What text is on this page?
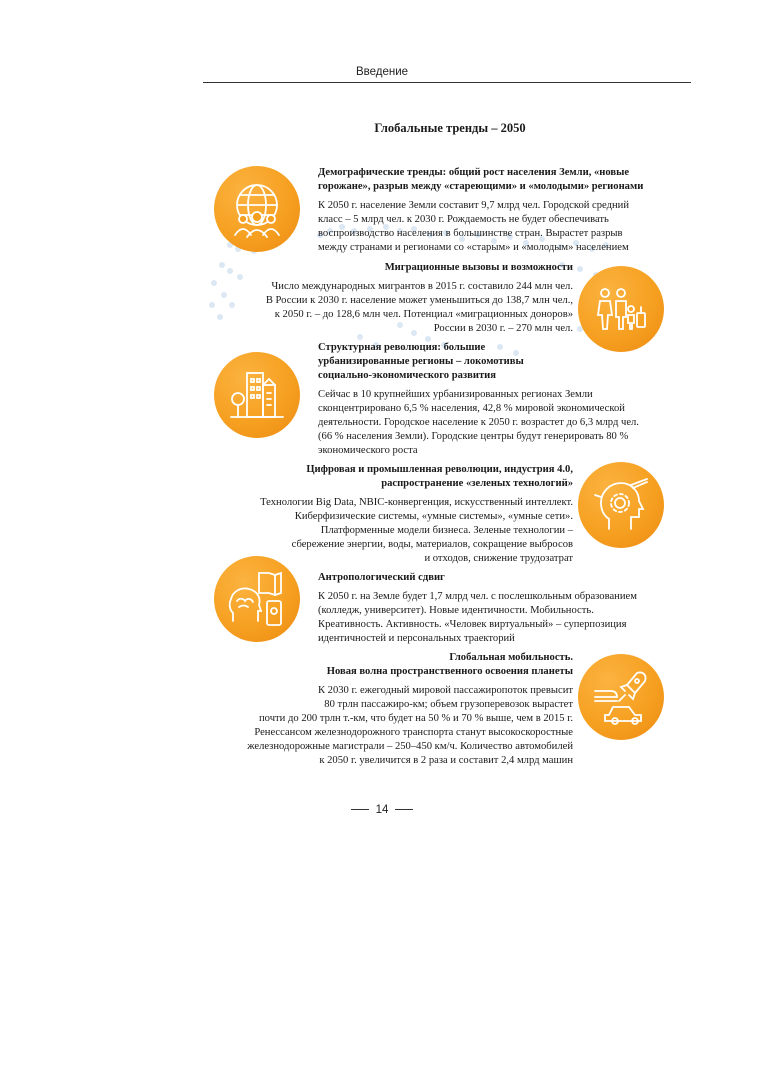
Введение
Глобальные тренды – 2050
Демографические тренды: общий рост населения Земли, «новые
горожане», разрыв между «стареющими» и «молодыми» регионами
К 2050 г. население Земли составит 9,7 млрд чел. Городской средний
класс – 5 млрд чел. к 2030 г. Рождаемость не будет обеспечивать
воспроизводство населения в большинстве стран. Вырастет разрыв
между странами и регионами со «старым» и «молодым» населением
Миграционные вызовы и возможности
Число международных мигрантов в 2015 г. составило 244 млн чел.
В России к 2030 г. население может уменьшиться до 138,7 млн чел.,
к 2050 г. – до 128,6 млн чел. Потенциал «миграционных доноров»
России в 2030 г. – 270 млн чел.
Структурная революция: большие
урбанизированные регионы – локомотивы
социально-экономического развития
Сейчас в 10 крупнейших урбанизированных регионах Земли
сконцентрировано 6,5 % населения, 42,8 % мировой экономической
деятельности. Городское население к 2050 г. возрастет до 6,3 млрд чел.
(66 % населения Земли). Городские центры будут генерировать 80 %
экономического роста
Цифровая и промышленная революции, индустрия 4.0,
распространение «зеленых технологий»
Технологии Big Data, NBIC-конвергенция, искусственный интеллект.
Киберфизические системы, «умные системы», «умные сети».
Платформенные модели бизнеса. Зеленые технологии –
сбережение энергии, воды, материалов, сокращение выбросов
и отходов, снижение трудозатрат
Антропологический сдвиг
К 2050 г. на Земле будет 1,7 млрд чел. с послешкольным образованием
(колледж, университет). Новые идентичности. Мобильность.
Креативность. Активность. «Человек виртуальный» – суперпозиция
идентичностей и персональных траекторий
Глобальная мобильность.
Новая волна пространственного освоения планеты
К 2030 г. ежегодный мировой пассажиропоток превысит
80 трлн пассажиро-км; объем грузоперевозок вырастет
почти до 200 трлн т.-км, что будет на 50 % и 70 % выше, чем в 2015 г.
Ренессансом железнодорожного транспорта станут высокоскоростные
железнодорожные магистрали – 250–450 км/ч. Количество автомобилей
к 2050 г. увеличится в 2 раза и составит 2,4 млрд машин
14
